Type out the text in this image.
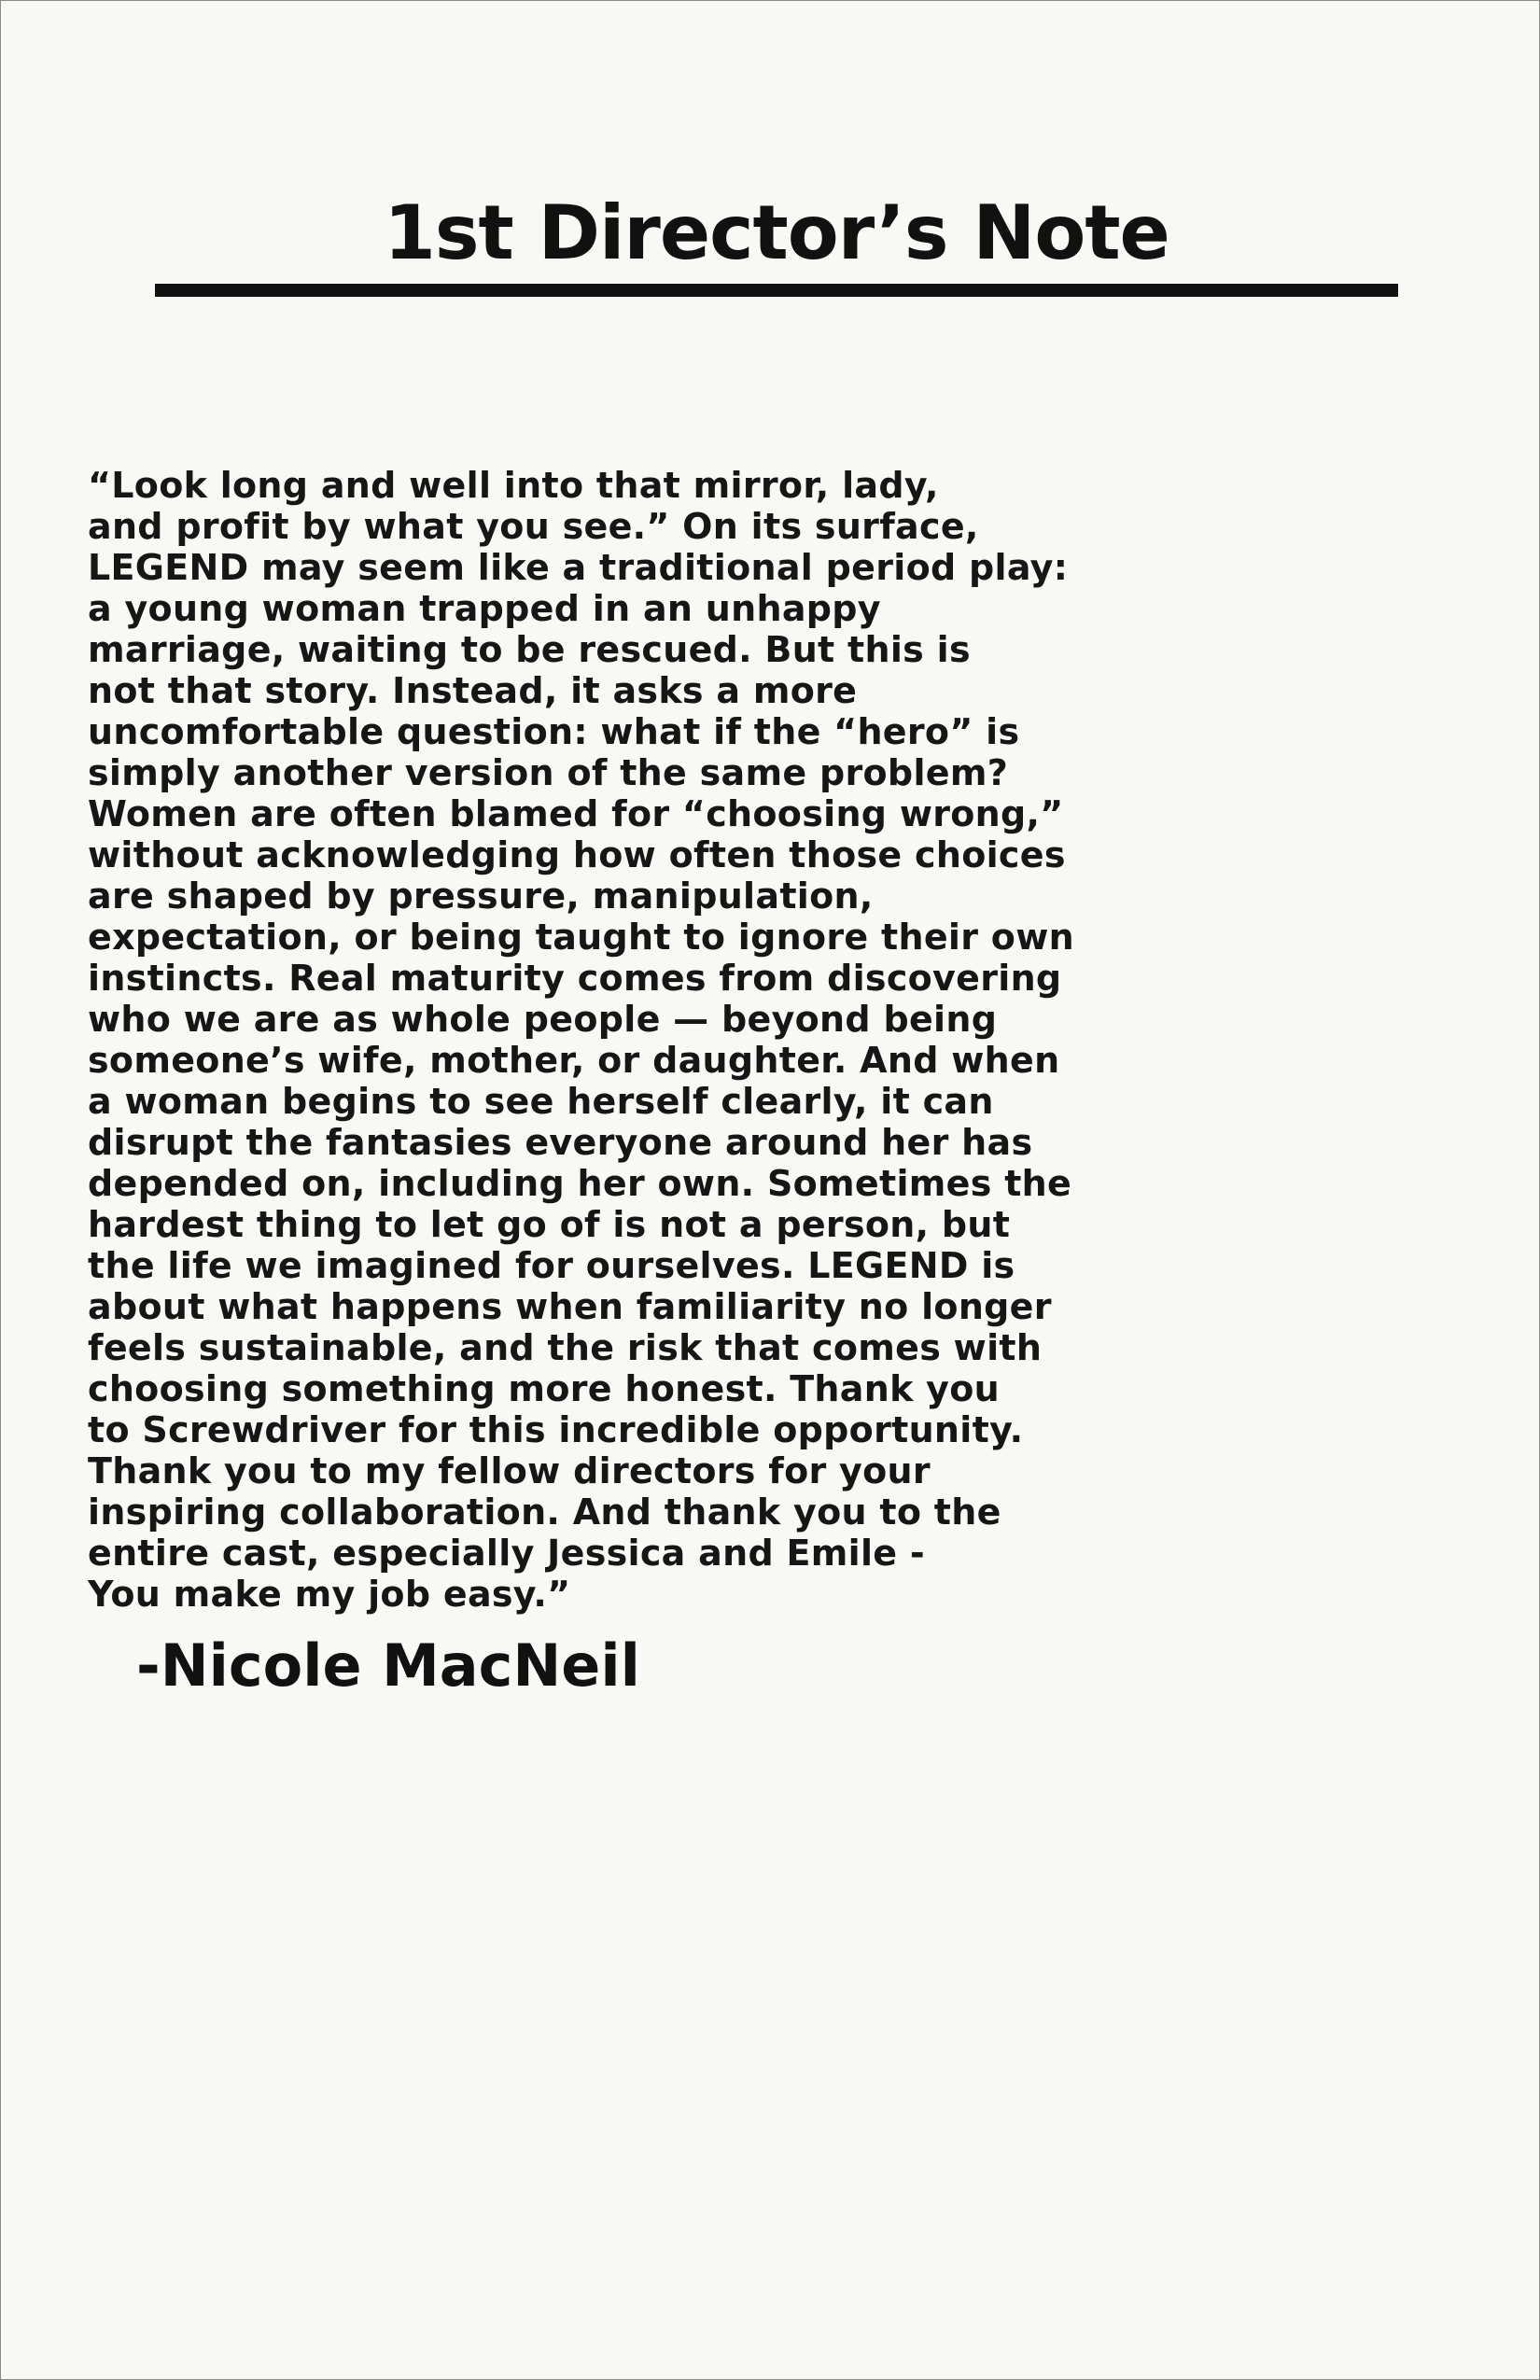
1st Director’s Note
“Look long and well into that mirror, lady,
and profit by what you see.” On its surface,
LEGEND may seem like a traditional period play:
a young woman trapped in an unhappy
marriage, waiting to be rescued. But this is
not that story. Instead, it asks a more
uncomfortable question: what if the “hero” is
simply another version of the same problem?
Women are often blamed for “choosing wrong,”
without acknowledging how often those choices
are shaped by pressure, manipulation,
expectation, or being taught to ignore their own
instincts. Real maturity comes from discovering
who we are as whole people — beyond being
someone’s wife, mother, or daughter. And when
a woman begins to see herself clearly, it can
disrupt the fantasies everyone around her has
depended on, including her own. Sometimes the
hardest thing to let go of is not a person, but
the life we imagined for ourselves. LEGEND is
about what happens when familiarity no longer
feels sustainable, and the risk that comes with
choosing something more honest. Thank you
to Screwdriver for this incredible opportunity.
Thank you to my fellow directors for your
inspiring collaboration. And thank you to the
entire cast, especially Jessica and Emile -
You make my job easy.”

-Nicole MacNeil
